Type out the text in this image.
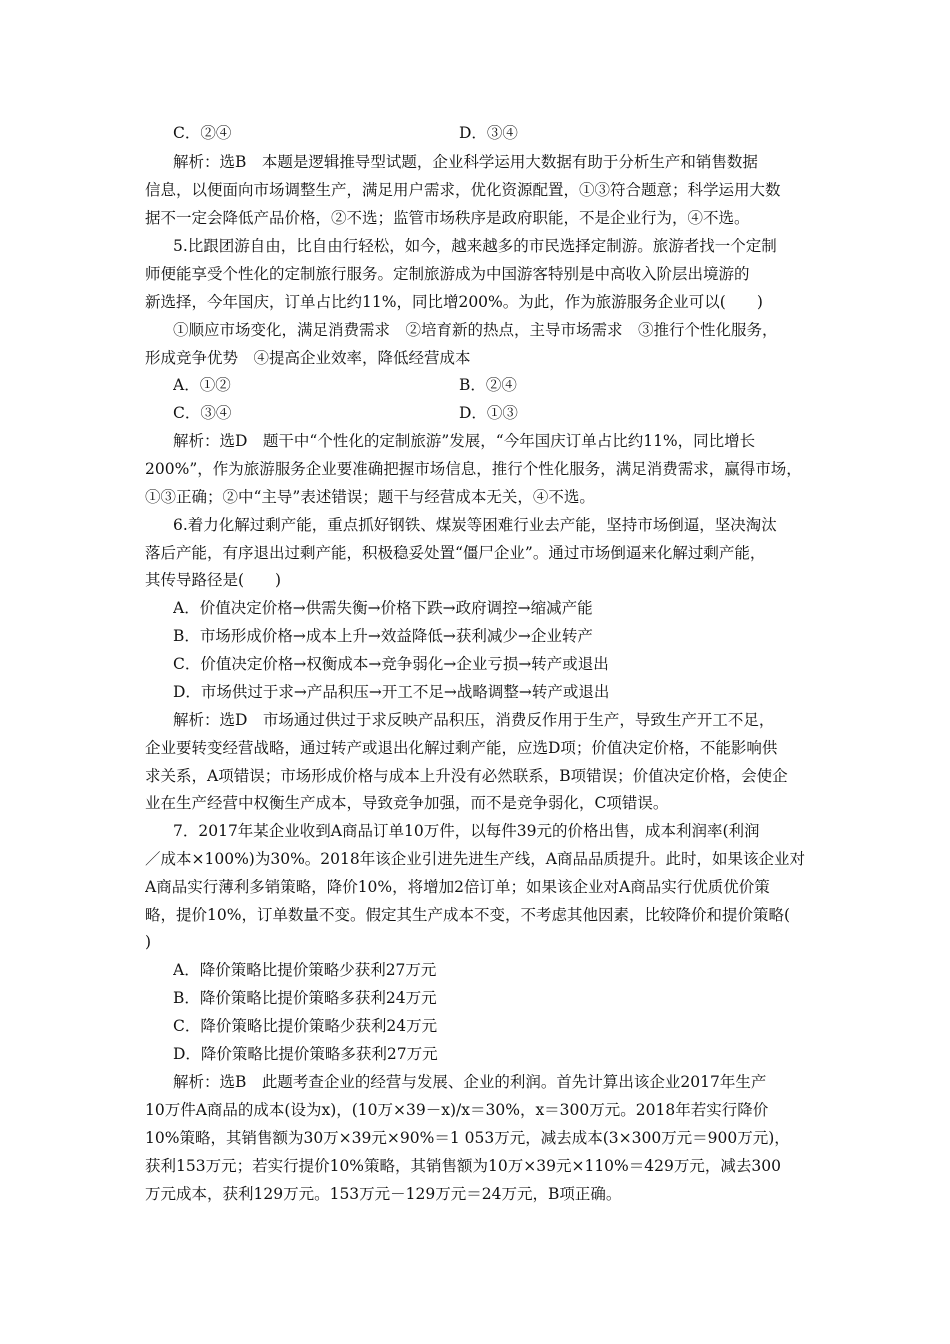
C．②④	D．③④
解析：选B　本题是逻辑推导型试题，企业科学运用大数据有助于分析生产和销售数据
信息，以便面向市场调整生产，满足用户需求，优化资源配置，①③符合题意；科学运用大数
据不一定会降低产品价格，②不选；监管市场秩序是政府职能，不是企业行为，④不选。
5.比跟团游自由，比自由行轻松，如今，越来越多的市民选择定制游。旅游者找一个定制
师便能享受个性化的定制旅行服务。定制旅游成为中国游客特别是中高收入阶层出境游的
新选择，今年国庆，订单占比约11%，同比增200%。为此，作为旅游服务企业可以(　　)
①顺应市场变化，满足消费需求　②培育新的热点，主导市场需求　③推行个性化服务，
形成竞争优势　④提高企业效率，降低经营成本
A．①②	B．②④
C．③④	D．①③
解析：选D　题干中“个性化的定制旅游”发展，“今年国庆订单占比约11%，同比增长
200%”，作为旅游服务企业要准确把握市场信息，推行个性化服务，满足消费需求，赢得市场，
①③正确；②中“主导”表述错误；题干与经营成本无关，④不选。
6.着力化解过剩产能，重点抓好钢铁、煤炭等困难行业去产能，坚持市场倒逼，坚决淘汰
落后产能，有序退出过剩产能，积极稳妥处置“僵尸企业”。通过市场倒逼来化解过剩产能，
其传导路径是(　　)
A．价值决定价格→供需失衡→价格下跌→政府调控→缩减产能
B．市场形成价格→成本上升→效益降低→获利减少→企业转产
C．价值决定价格→权衡成本→竞争弱化→企业亏损→转产或退出
D．市场供过于求→产品积压→开工不足→战略调整→转产或退出
解析：选D　市场通过供过于求反映产品积压，消费反作用于生产，导致生产开工不足，
企业要转变经营战略，通过转产或退出化解过剩产能，应选D项；价值决定价格，不能影响供
求关系，A项错误；市场形成价格与成本上升没有必然联系，B项错误；价值决定价格，会使企
业在生产经营中权衡生产成本，导致竞争加强，而不是竞争弱化，C项错误。
7．2017年某企业收到A商品订单10万件，以每件39元的价格出售，成本利润率(利润
／成本×100%)为30%。2018年该企业引进先进生产线，A商品品质提升。此时，如果该企业对
A商品实行薄利多销策略，降价10%，将增加2倍订单；如果该企业对A商品实行优质优价策
略，提价10%，订单数量不变。假定其生产成本不变，不考虑其他因素，比较降价和提价策略(
)
A．降价策略比提价策略少获利27万元
B．降价策略比提价策略多获利24万元
C．降价策略比提价策略少获利24万元
D．降价策略比提价策略多获利27万元
解析：选B　此题考查企业的经营与发展、企业的利润。首先计算出该企业2017年生产
10万件A商品的成本(设为x)，(10万×39－x)/x＝30%，x＝300万元。2018年若实行降价
10%策略，其销售额为30万×39元×90%＝1 053万元，减去成本(3×300万元＝900万元)，
获利153万元；若实行提价10%策略，其销售额为10万×39元×110%＝429万元，减去300
万元成本，获利129万元。153万元－129万元＝24万元，B项正确。
